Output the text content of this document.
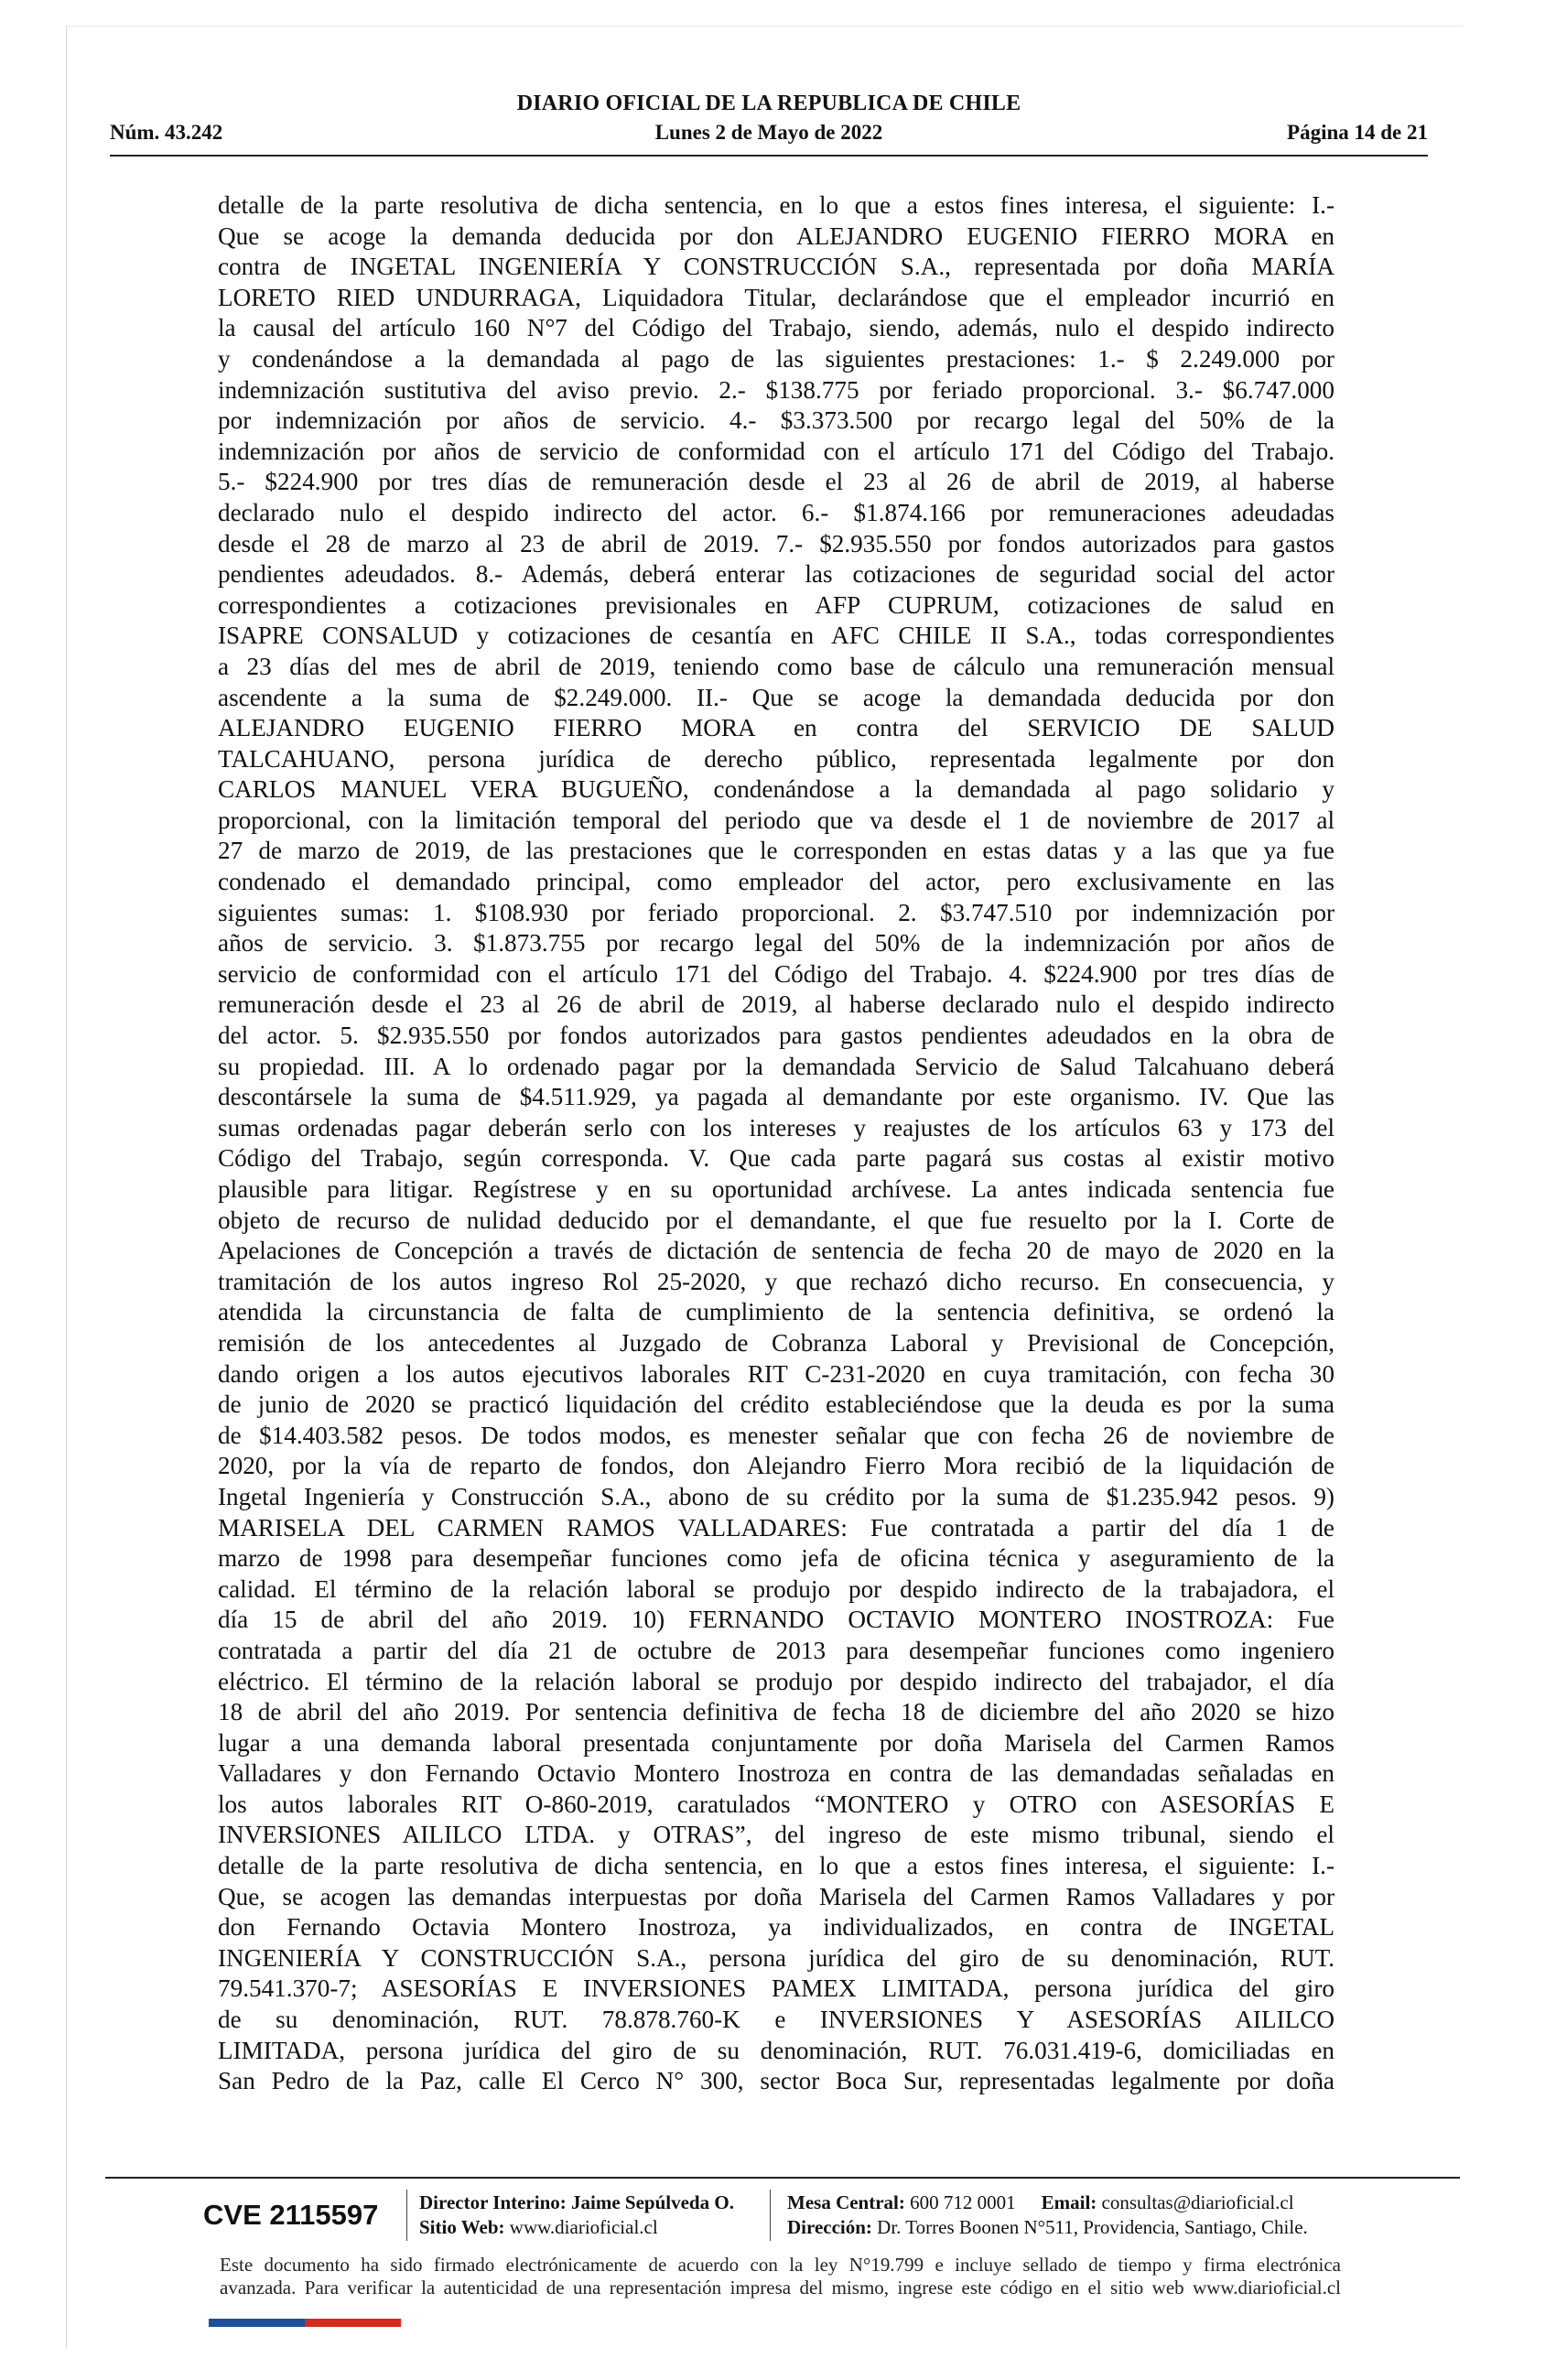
DIARIO OFICIAL DE LA REPUBLICA DE CHILE
Núm. 43.242	Lunes 2 de Mayo de 2022	Página 14 de 21

detalle de la parte resolutiva de dicha sentencia, en lo que a estos fines interesa, el siguiente: I.-

Que se acoge la demanda deducida por don ALEJANDRO EUGENIO FIERRO MORA en

contra de INGETAL INGENIERÍA Y CONSTRUCCIÓN S.A., representada por doña MARÍA

LORETO RIED UNDURRAGA, Liquidadora Titular, declarándose que el empleador incurrió en

la causal del artículo 160 N°7 del Código del Trabajo, siendo, además, nulo el despido indirecto

y condenándose a la demandada al pago de las siguientes prestaciones: 1.- $ 2.249.000 por

indemnización sustitutiva del aviso previo. 2.- $138.775 por feriado proporcional. 3.- $6.747.000

por indemnización por años de servicio. 4.- $3.373.500 por recargo legal del 50% de la

indemnización por años de servicio de conformidad con el artículo 171 del Código del Trabajo.

5.- $224.900 por tres días de remuneración desde el 23 al 26 de abril de 2019, al haberse

declarado nulo el despido indirecto del actor. 6.- $1.874.166 por remuneraciones adeudadas

desde el 28 de marzo al 23 de abril de 2019. 7.- $2.935.550 por fondos autorizados para gastos

pendientes adeudados. 8.- Además, deberá enterar las cotizaciones de seguridad social del actor

correspondientes a cotizaciones previsionales en AFP CUPRUM, cotizaciones de salud en

ISAPRE CONSALUD y cotizaciones de cesantía en AFC CHILE II S.A., todas correspondientes

a 23 días del mes de abril de 2019, teniendo como base de cálculo una remuneración mensual

ascendente a la suma de $2.249.000. II.- Que se acoge la demandada deducida por don

ALEJANDRO EUGENIO FIERRO MORA en contra del SERVICIO DE SALUD

TALCAHUANO, persona jurídica de derecho público, representada legalmente por don

CARLOS MANUEL VERA BUGUEÑO, condenándose a la demandada al pago solidario y

proporcional, con la limitación temporal del periodo que va desde el 1 de noviembre de 2017 al

27 de marzo de 2019, de las prestaciones que le corresponden en estas datas y a las que ya fue

condenado el demandado principal, como empleador del actor, pero exclusivamente en las

siguientes sumas: 1. $108.930 por feriado proporcional. 2. $3.747.510 por indemnización por

años de servicio. 3. $1.873.755 por recargo legal del 50% de la indemnización por años de

servicio de conformidad con el artículo 171 del Código del Trabajo. 4. $224.900 por tres días de

remuneración desde el 23 al 26 de abril de 2019, al haberse declarado nulo el despido indirecto

del actor. 5. $2.935.550 por fondos autorizados para gastos pendientes adeudados en la obra de

su propiedad. III. A lo ordenado pagar por la demandada Servicio de Salud Talcahuano deberá

descontársele la suma de $4.511.929, ya pagada al demandante por este organismo. IV. Que las

sumas ordenadas pagar deberán serlo con los intereses y reajustes de los artículos 63 y 173 del

Código del Trabajo, según corresponda. V. Que cada parte pagará sus costas al existir motivo

plausible para litigar. Regístrese y en su oportunidad archívese. La antes indicada sentencia fue

objeto de recurso de nulidad deducido por el demandante, el que fue resuelto por la I. Corte de

Apelaciones de Concepción a través de dictación de sentencia de fecha 20 de mayo de 2020 en la

tramitación de los autos ingreso Rol 25-2020, y que rechazó dicho recurso. En consecuencia, y

atendida la circunstancia de falta de cumplimiento de la sentencia definitiva, se ordenó la

remisión de los antecedentes al Juzgado de Cobranza Laboral y Previsional de Concepción,

dando origen a los autos ejecutivos laborales RIT C-231-2020 en cuya tramitación, con fecha 30

de junio de 2020 se practicó liquidación del crédito estableciéndose que la deuda es por la suma

de $14.403.582 pesos. De todos modos, es menester señalar que con fecha 26 de noviembre de

2020, por la vía de reparto de fondos, don Alejandro Fierro Mora recibió de la liquidación de

Ingetal Ingeniería y Construcción S.A., abono de su crédito por la suma de $1.235.942 pesos. 9)

MARISELA DEL CARMEN RAMOS VALLADARES: Fue contratada a partir del día 1 de

marzo de 1998 para desempeñar funciones como jefa de oficina técnica y aseguramiento de la

calidad. El término de la relación laboral se produjo por despido indirecto de la trabajadora, el

día 15 de abril del año 2019. 10) FERNANDO OCTAVIO MONTERO INOSTROZA: Fue

contratada a partir del día 21 de octubre de 2013 para desempeñar funciones como ingeniero

eléctrico. El término de la relación laboral se produjo por despido indirecto del trabajador, el día

18 de abril del año 2019. Por sentencia definitiva de fecha 18 de diciembre del año 2020 se hizo

lugar a una demanda laboral presentada conjuntamente por doña Marisela del Carmen Ramos

Valladares y don Fernando Octavio Montero Inostroza en contra de las demandadas señaladas en

los autos laborales RIT O-860-2019, caratulados “MONTERO y OTRO con ASESORÍAS E

INVERSIONES AILILCO LTDA. y OTRAS”, del ingreso de este mismo tribunal, siendo el

detalle de la parte resolutiva de dicha sentencia, en lo que a estos fines interesa, el siguiente: I.-

Que, se acogen las demandas interpuestas por doña Marisela del Carmen Ramos Valladares y por

don Fernando Octavia Montero Inostroza, ya individualizados, en contra de INGETAL

INGENIERÍA Y CONSTRUCCIÓN S.A., persona jurídica del giro de su denominación, RUT.

79.541.370-7; ASESORÍAS E INVERSIONES PAMEX LIMITADA, persona jurídica del giro

de su denominación, RUT. 78.878.760-K e INVERSIONES Y ASESORÍAS AILILCO

LIMITADA, persona jurídica del giro de su denominación, RUT. 76.031.419-6, domiciliadas en

San Pedro de la Paz, calle El Cerco N° 300, sector Boca Sur, representadas legalmente por doña

CVE 2115597 Director Interino: Jaime Sepúlveda O.
Sitio Web: www.diarioficial.cl
Mesa Central: 600 712 0001 Email: consultas@diarioficial.cl
Dirección: Dr. Torres Boonen N°511, Providencia, Santiago, Chile.
Este documento ha sido firmado electrónicamente de acuerdo con la ley N°19.799 e incluye sellado de tiempo y firma electrónica
avanzada. Para verificar la autenticidad de una representación impresa del mismo, ingrese este código en el sitio web www.diarioficial.cl
